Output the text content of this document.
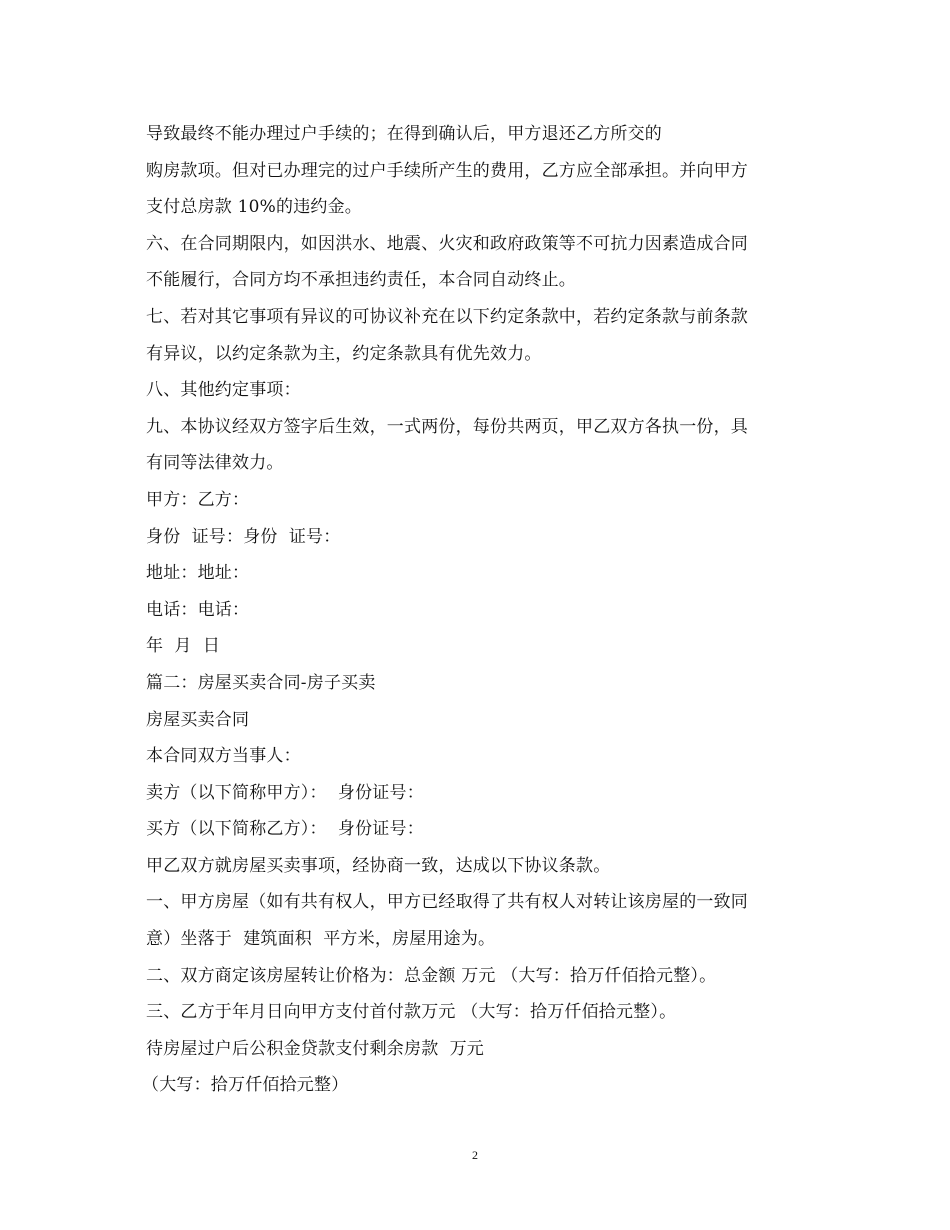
导致最终不能办理过户手续的；在得到确认后，甲方退还乙方所交的
购房款项。但对已办理完的过户手续所产生的费用，乙方应全部承担。并向甲方
支付总房款 10%的违约金。
六、在合同期限内，如因洪水、地震、火灾和政府政策等不可抗力因素造成合同
不能履行，合同方均不承担违约责任，本合同自动终止。
七、若对其它事项有异议的可协议补充在以下约定条款中，若约定条款与前条款
有异议，以约定条款为主，约定条款具有优先效力。
八、其他约定事项：
九、本协议经双方签字后生效，一式两份，每份共两页，甲乙双方各执一份，具
有同等法律效力。
甲方：乙方：
身份  证号：身份  证号：
地址：地址：
电话：电话：
年  月  日
篇二：房屋买卖合同-房子买卖
房屋买卖合同
本合同双方当事人：
卖方（以下简称甲方）：  身份证号：
买方（以下简称乙方）：  身份证号：
甲乙双方就房屋买卖事项，经协商一致，达成以下协议条款。
一、甲方房屋（如有共有权人，甲方已经取得了共有权人对转让该房屋的一致同
意）坐落于  建筑面积  平方米，房屋用途为。
二、双方商定该房屋转让价格为：总金额 万元 （大写：拾万仟佰拾元整）。
三、乙方于年月日向甲方支付首付款万元 （大写：拾万仟佰拾元整）。
待房屋过户后公积金贷款支付剩余房款  万元
（大写：拾万仟佰拾元整）
2
